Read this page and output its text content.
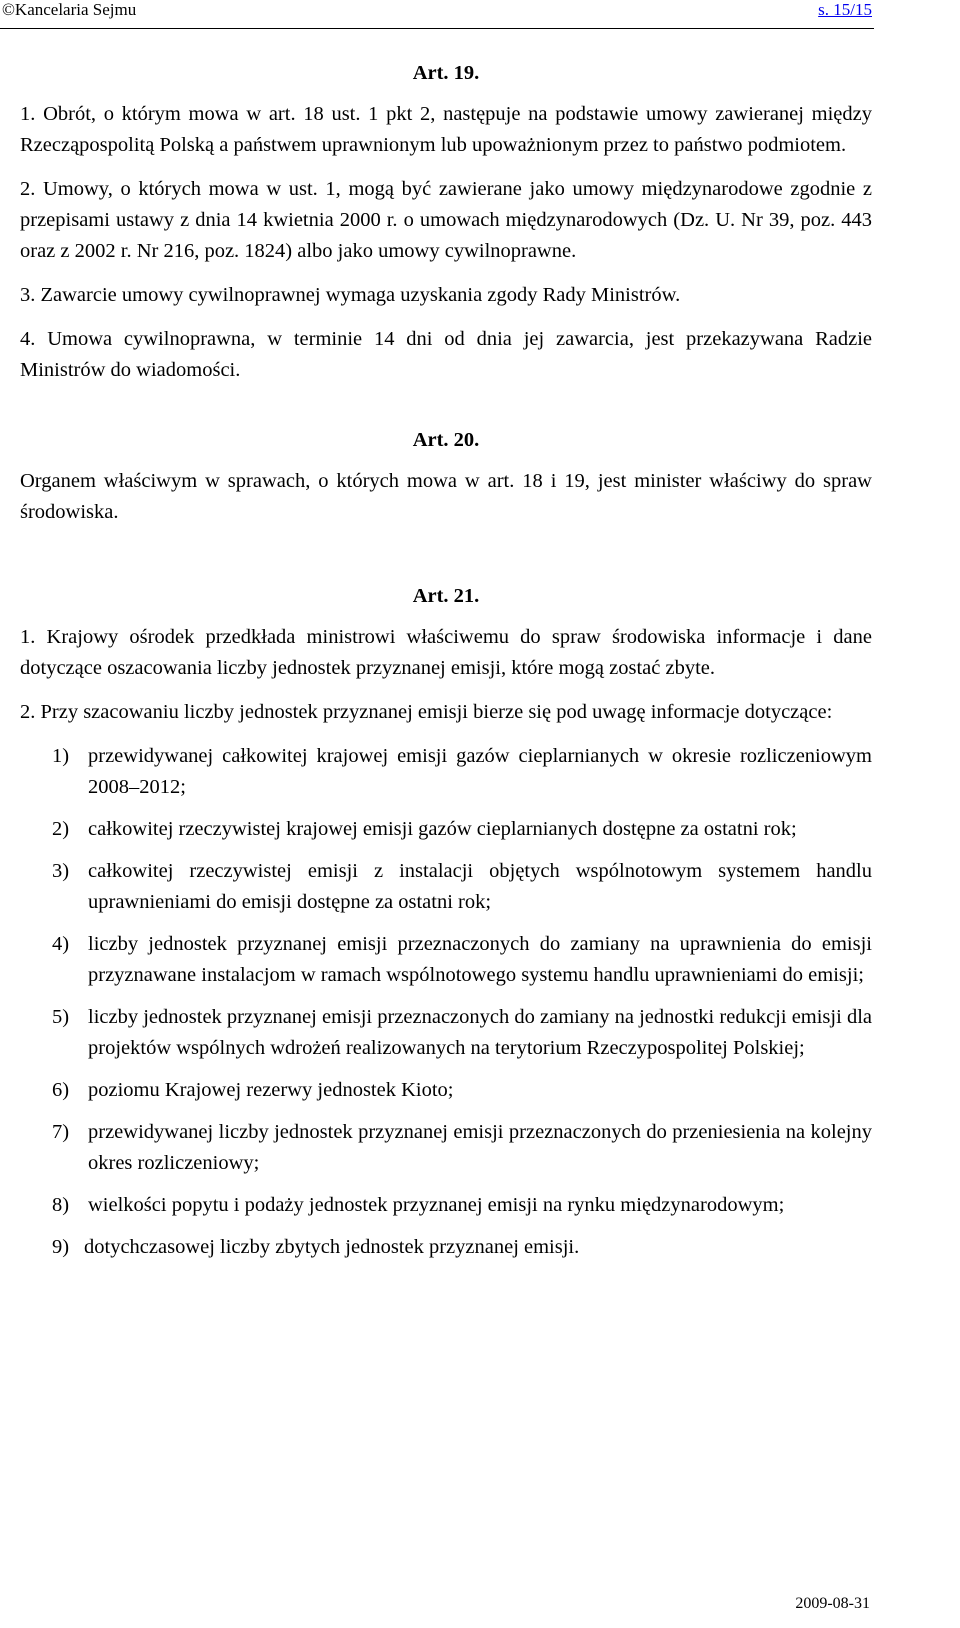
©Kancelaria Sejmu	s. 15/15
Art. 19.
1. Obrót, o którym mowa w art. 18 ust. 1 pkt 2, następuje na podstawie umowy zawieranej między Rzecząpospolitą Polską a państwem uprawnionym lub upoważnionym przez to państwo podmiotem.
2. Umowy, o których mowa w ust. 1, mogą być zawierane jako umowy międzynarodowe zgodnie z przepisami ustawy z dnia 14 kwietnia 2000 r. o umowach międzynarodowych (Dz. U. Nr 39, poz. 443 oraz z 2002 r. Nr 216, poz. 1824) albo jako umowy cywilnoprawne.
3. Zawarcie umowy cywilnoprawnej wymaga uzyskania zgody Rady Ministrów.
4. Umowa cywilnoprawna, w terminie 14 dni od dnia jej zawarcia, jest przekazywana Radzie Ministrów do wiadomości.
Art. 20.
Organem właściwym w sprawach, o których mowa w art. 18 i 19, jest minister właściwy do spraw środowiska.
Art. 21.
1. Krajowy ośrodek przedkłada ministrowi właściwemu do spraw środowiska informacje i dane dotyczące oszacowania liczby jednostek przyznanej emisji, które mogą zostać zbyte.
2. Przy szacowaniu liczby jednostek przyznanej emisji bierze się pod uwagę informacje dotyczące:
1) przewidywanej całkowitej krajowej emisji gazów cieplarnianych w okresie rozliczeniowym 2008–2012;
2) całkowitej rzeczywistej krajowej emisji gazów cieplarnianych dostępne za ostatni rok;
3) całkowitej rzeczywistej emisji z instalacji objętych wspólnotowym systemem handlu uprawnieniami do emisji dostępne za ostatni rok;
4) liczby jednostek przyznanej emisji przeznaczonych do zamiany na uprawnienia do emisji przyznawane instalacjom w ramach wspólnotowego systemu handlu uprawnieniami do emisji;
5) liczby jednostek przyznanej emisji przeznaczonych do zamiany na jednostki redukcji emisji dla projektów wspólnych wdrożeń realizowanych na terytorium Rzeczypospolitej Polskiej;
6) poziomu Krajowej rezerwy jednostek Kioto;
7) przewidywanej liczby jednostek przyznanej emisji przeznaczonych do przeniesienia na kolejny okres rozliczeniowy;
8) wielkości popytu i podaży jednostek przyznanej emisji na rynku międzynarodowym;
9) dotychczasowej liczby zbytych jednostek przyznanej emisji.
2009-08-31
